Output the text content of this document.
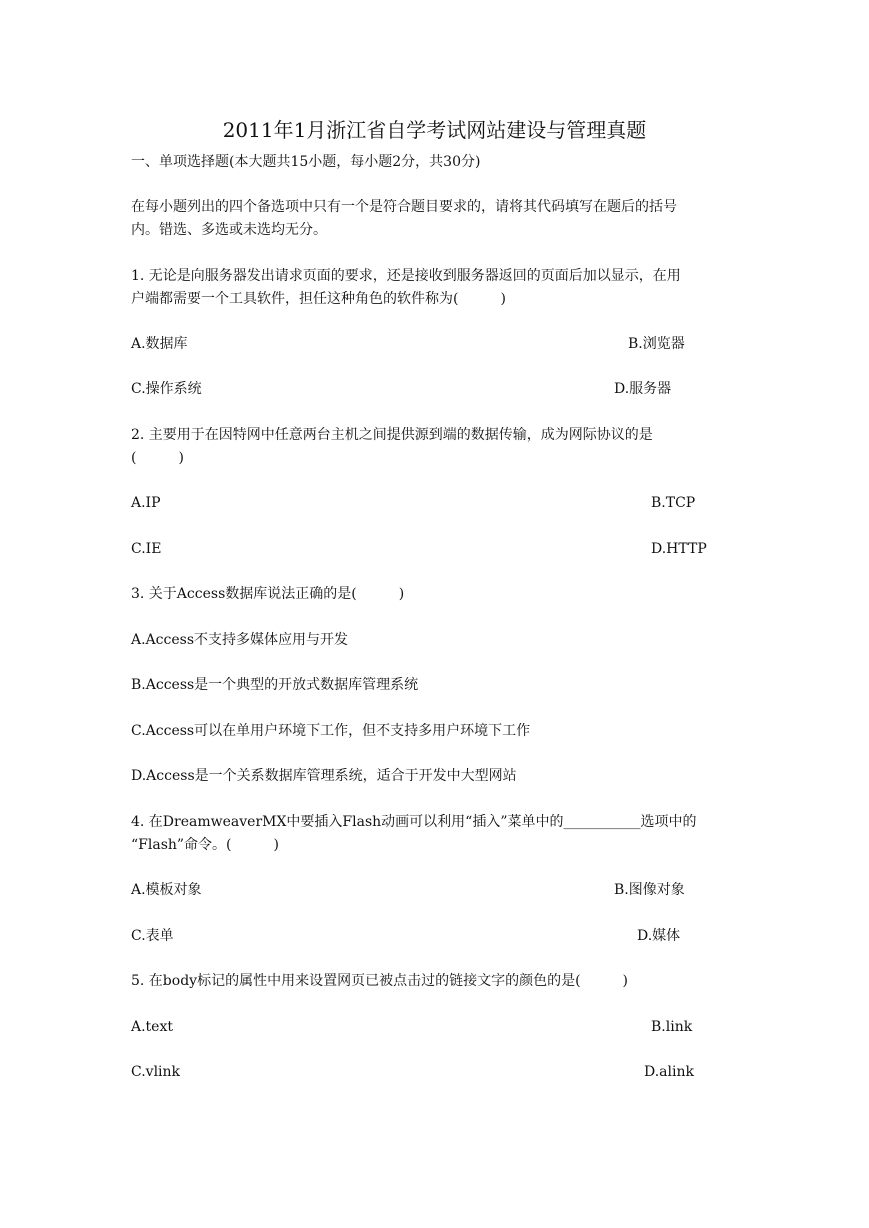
2011年1月浙江省自学考试网站建设与管理真题
一、单项选择题(本大题共15小题，每小题2分，共30分)
在每小题列出的四个备选项中只有一个是符合题目要求的，请将其代码填写在题后的括号
内。错选、多选或未选均无分。
1. 无论是向服务器发出请求页面的要求，还是接收到服务器返回的页面后加以显示，在用
户端都需要一个工具软件，担任这种角色的软件称为(　　　)
A.数据库	B.浏览器
C.操作系统	D.服务器
2. 主要用于在因特网中任意两台主机之间提供源到端的数据传输，成为网际协议的是
(　　　)
A.IP	B.TCP
C.IE	D.HTTP
3. 关于Access数据库说法正确的是(　　　)
A.Access不支持多媒体应用与开发
B.Access是一个典型的开放式数据库管理系统
C.Access可以在单用户环境下工作，但不支持多用户环境下工作
D.Access是一个关系数据库管理系统，适合于开发中大型网站
4. 在DreamweaverMX中要插入Flash动画可以利用“插入”菜单中的___________选项中的
“Flash”命令。(　　　)
A.模板对象	B.图像对象
C.表单	D.媒体
5. 在body标记的属性中用来设置网页已被点击过的链接文字的颜色的是(　　　)
A.text	B.link
C.vlink	D.alink
